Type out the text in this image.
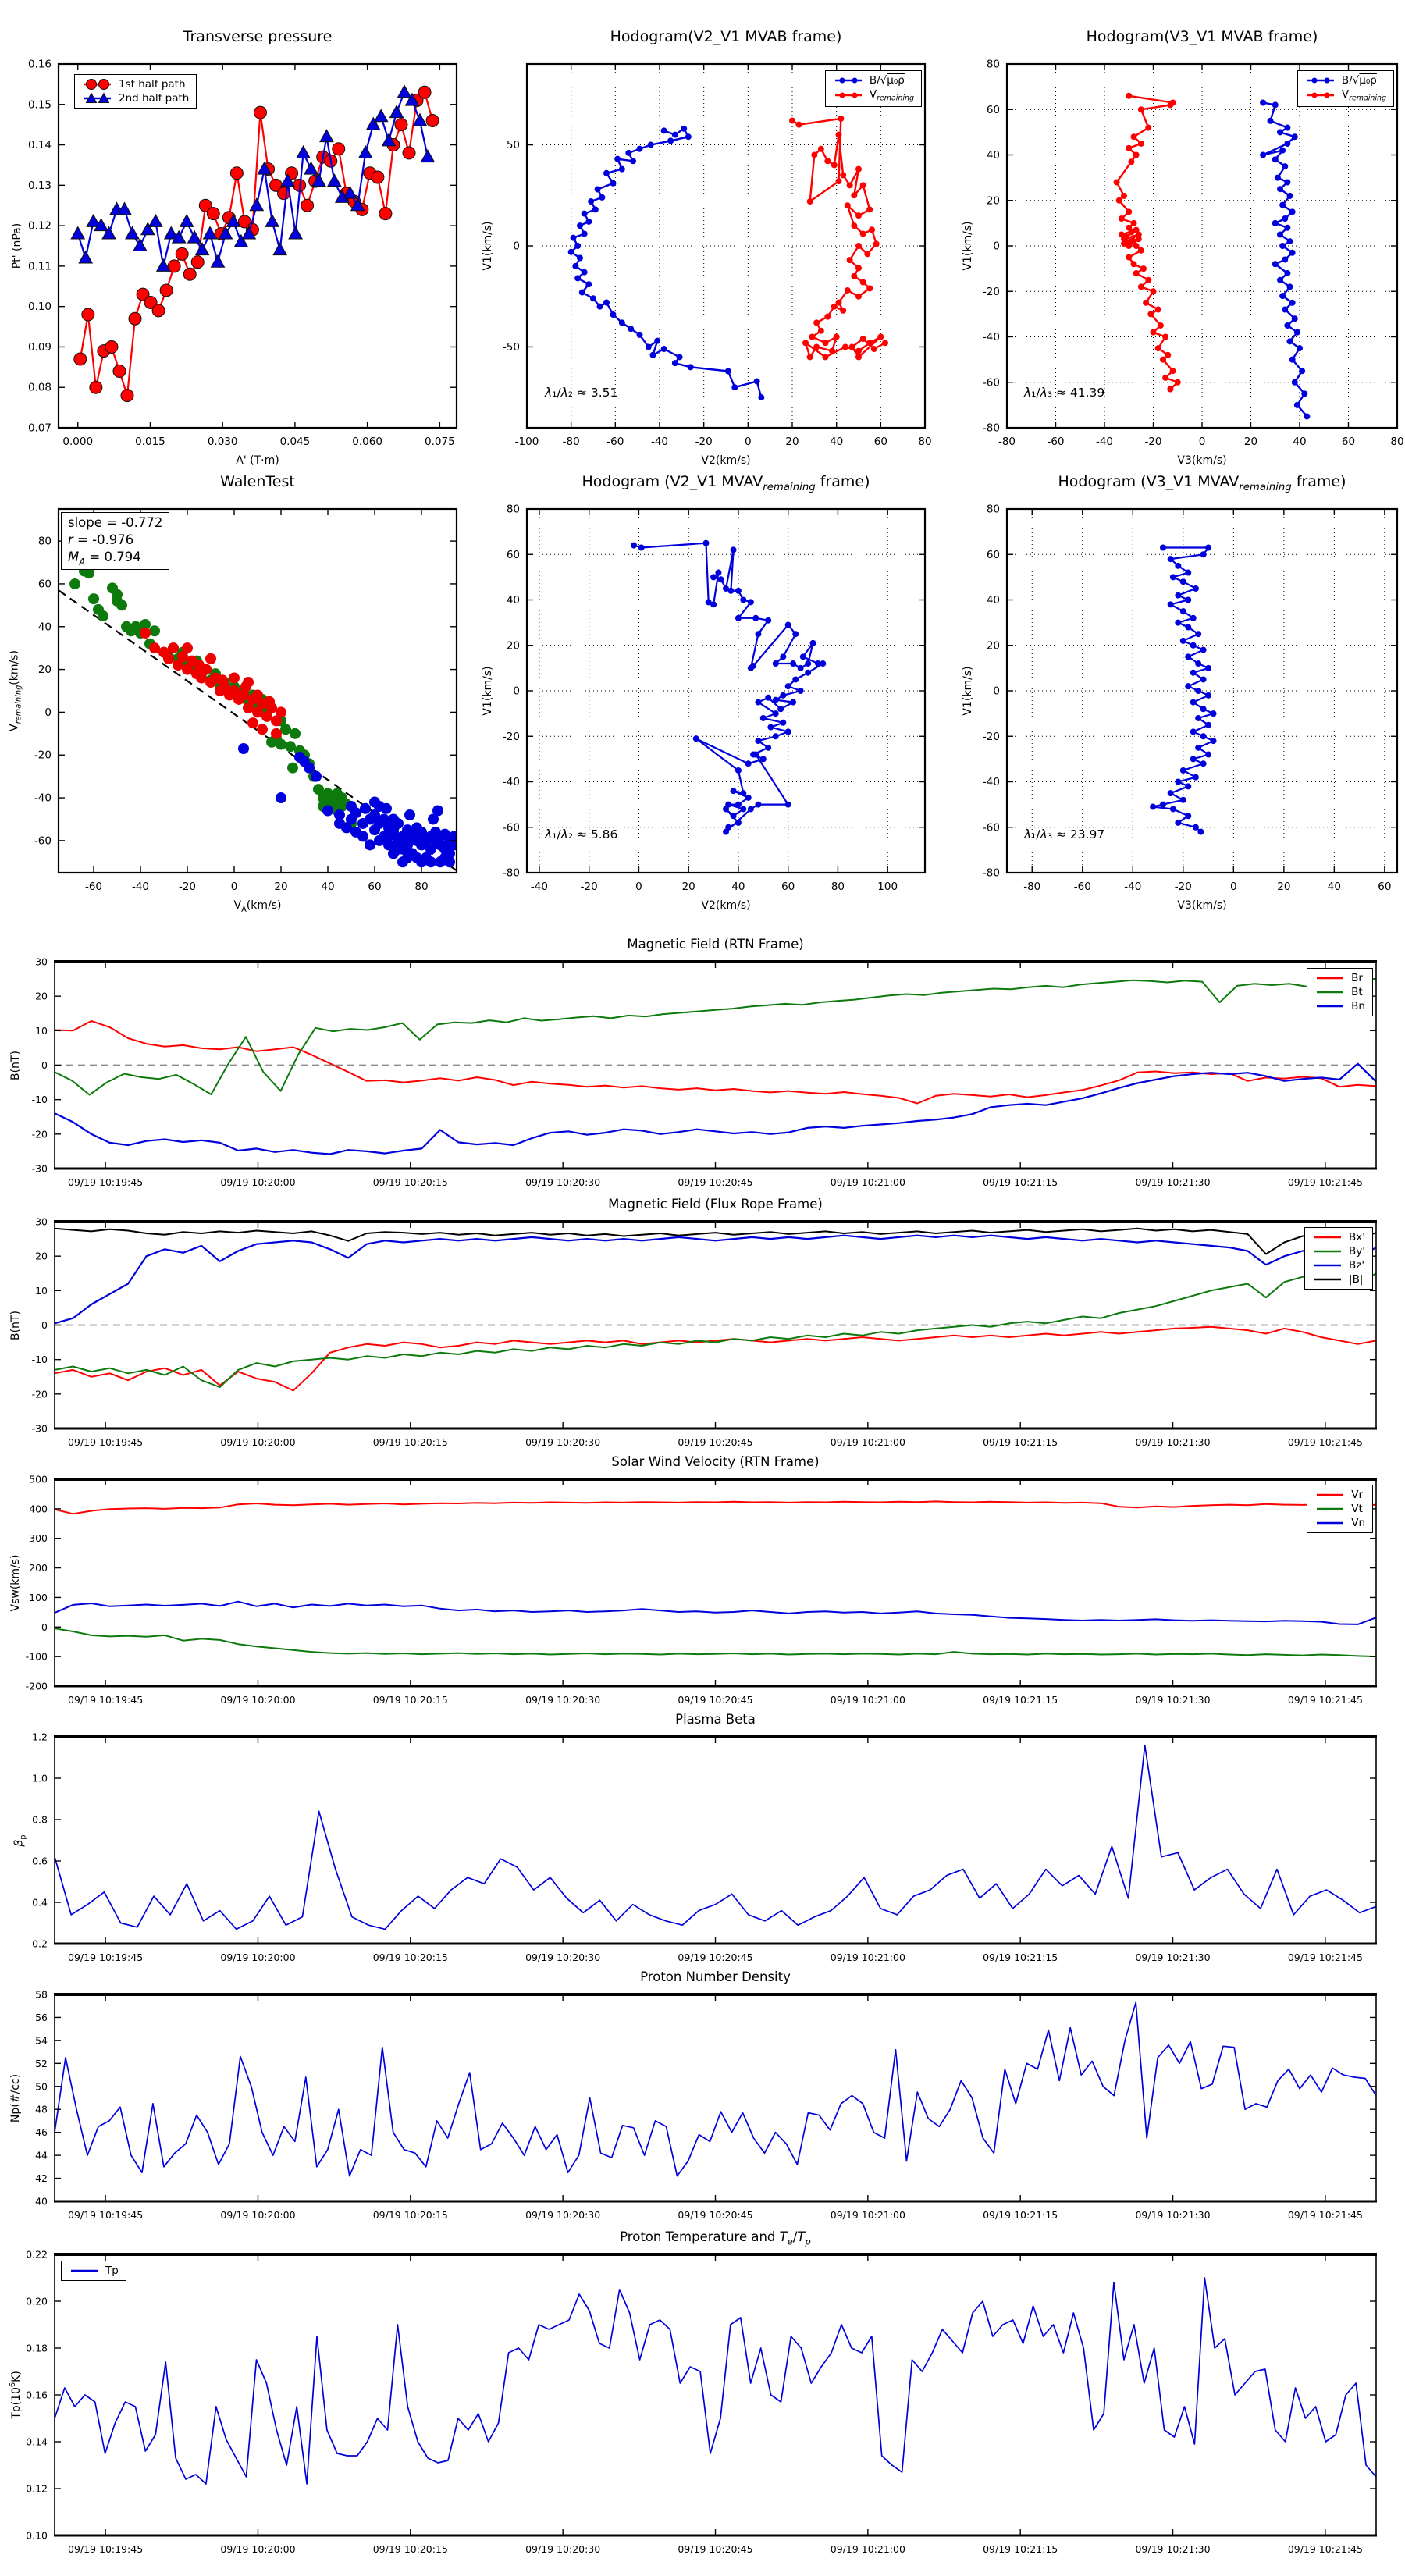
0.000	0.015	0.030	0.045	0.060	0.075
0.07
0.08
0.09
0.10
0.11
0.12
0.13
0.14
0.15
0.16
-100 -80	-60	-40	-20	0	20	40	60	80
-50
0
50
-80	-60	-40	-20	0	20	40	60	80
-80
-60
-40
-20
0
20
40
60
80
-60	-40	-20	0	20	40	60	80
-60
-40
-20
0
20
40
60
80
-40	-20	0	20	40	60	80	100
-80
-60
-40
-20
0
20
40
60
80
-80	-60	-40	-20	0	20	40	60
-80
-60
-40
-20
0
20
40
60
80
09/19 10:19:45	09/19 10:20:00	09/19 10:20:15	09/19 10:20:30	09/19 10:20:45	09/19 10:21:00	09/19 10:21:15	09/19 10:21:30	09/19 10:21:45
-30
-20
-10
0
10
20
30
09/19 10:19:45	09/19 10:20:00	09/19 10:20:15	09/19 10:20:30	09/19 10:20:45	09/19 10:21:00	09/19 10:21:15	09/19 10:21:30	09/19 10:21:45
-30
-20
-10
0
10
20
30
09/19 10:19:45	09/19 10:20:00	09/19 10:20:15	09/19 10:20:30	09/19 10:20:45	09/19 10:21:00	09/19 10:21:15	09/19 10:21:30	09/19 10:21:45
-200
-100
0
100
200
300
400
500
09/19 10:19:45	09/19 10:20:00	09/19 10:20:15	09/19 10:20:30	09/19 10:20:45	09/19 10:21:00	09/19 10:21:15	09/19 10:21:30	09/19 10:21:45
0.2
0.4
0.6
0.8
1.0
1.2
09/19 10:19:45	09/19 10:20:00	09/19 10:20:15	09/19 10:20:30	09/19 10:20:45	09/19 10:21:00	09/19 10:21:15	09/19 10:21:30	09/19 10:21:45
40
42
44
46
48
50
52
54
56
58
09/19 10:19:45	09/19 10:20:00	09/19 10:20:15	09/19 10:20:30	09/19 10:20:45	09/19 10:21:00	09/19 10:21:15	09/19 10:21:30	09/19 10:21:45
0.10
0.12
0.14
0.16
0.18
0.20
0.22
Transverse pressure
A' (T·m)
Pt' (nPa)
1st half path
2nd half path
Hodogram(V2_V1 MVAB frame)
V2(km/s)
V1(km/s)
λ₁/λ₂ ≈ 3.51
B/√μ₀ρ
$V_{remaining}$
Hodogram(V3_V1 MVAB frame)
V3(km/s)
V1(km/s)
λ₁/λ₃ ≈ 41.39
B/√μ₀ρ
$V_{remaining}$
WalenTest
$V_A(km/s)$
$V_{remaining}(km/s)$
slope = -0.772
r = -0.976
$M_A = 0.794$
Hodogram (V2_V1 $MVAV_{remaining}$ frame)
V2(km/s)
V1(km/s)
λ₁/λ₂ ≈ 5.86
Hodogram (V3_V1 $MVAV_{remaining}$ frame)
V3(km/s)
V1(km/s)
λ₁/λ₃ ≈ 23.97
Magnetic Field (RTN Frame)
B(nT)
Br
Bt
Bn
Magnetic Field (Flux Rope Frame)
B(nT)
Bx'
By'
Bz'
|B|
Solar Wind Velocity (RTN Frame)
Vsw(km/s)
Vr
Vt
Vn
Plasma Beta
$\beta_p$
Proton Number Density
Np(#/cc)
Proton Temperature and $T_e/T_p$
$Tp(10^6K)$
Tp
